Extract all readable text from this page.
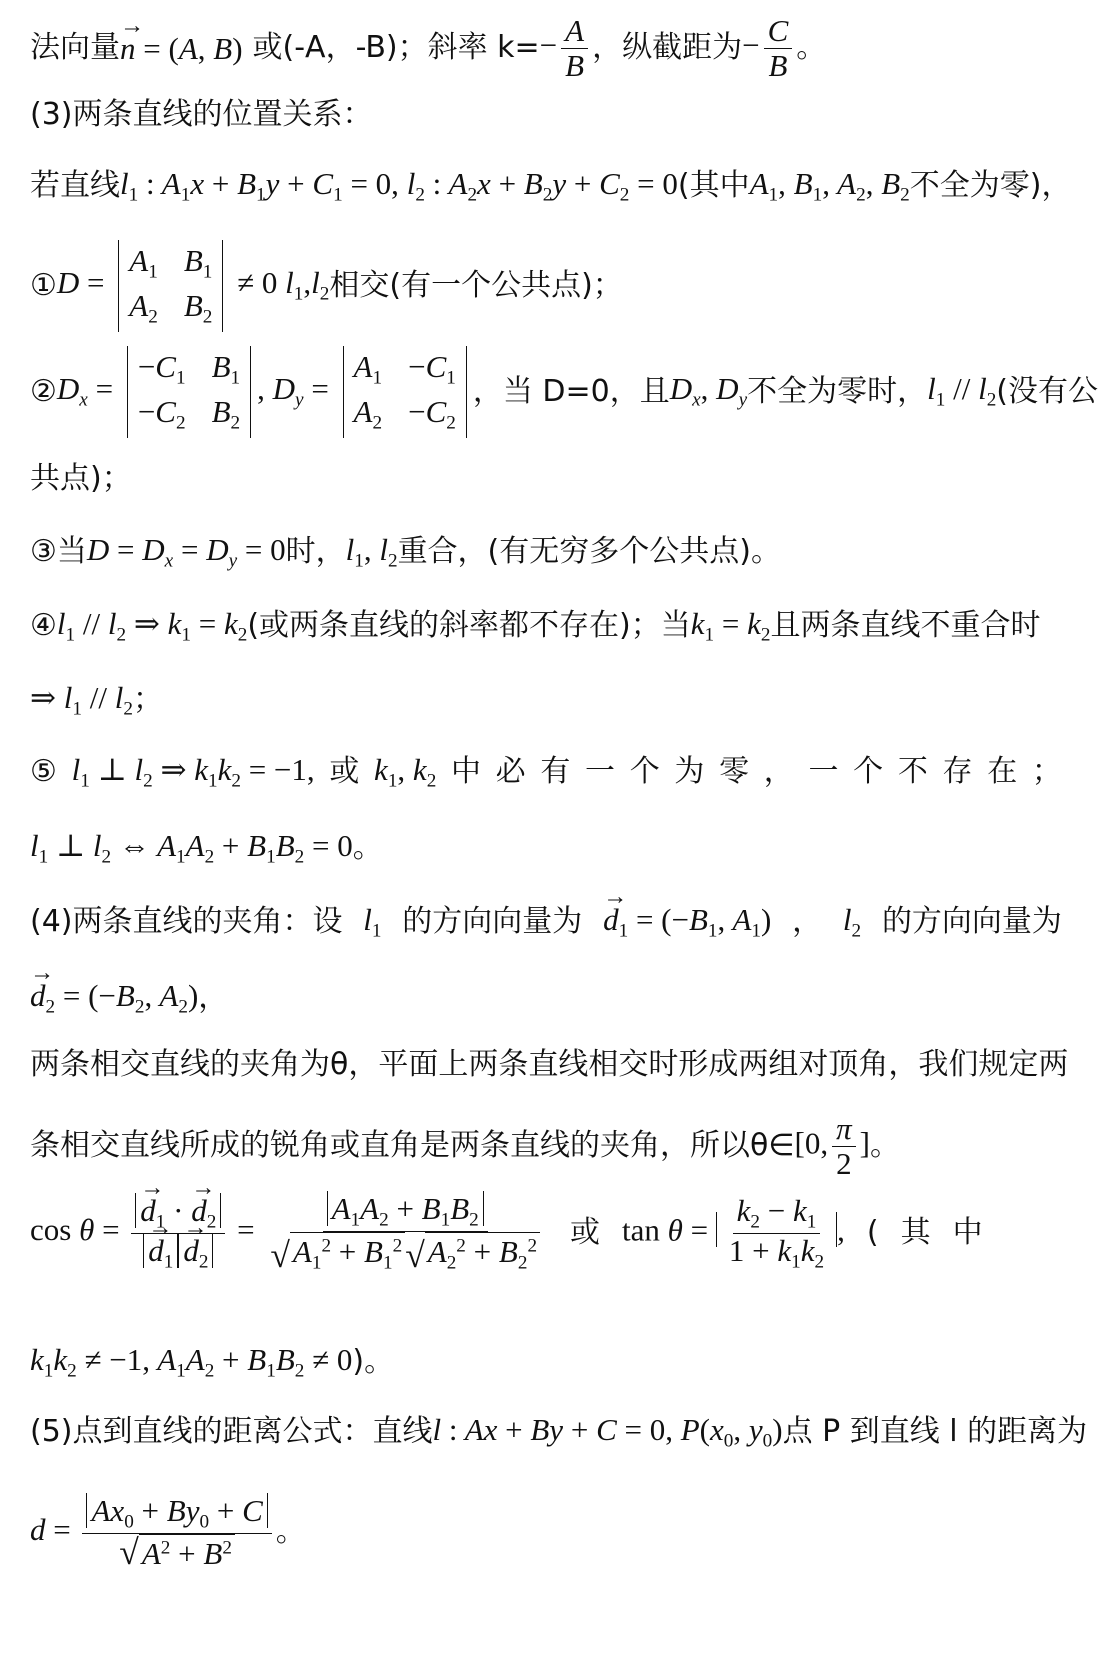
法向量 → n = (A, B) 或(-A，-B)；斜率 $k= - \frac{A}{B}$ ，纵截距为 − $\frac{C}{B}$ 。
(3)两条直线的位置关系：
若直线 $l_1$ : $A_1x + B_1y + C_1 = 0$, $l_2$ : $A_2x + B_2y + C_2 = 0$ (其中 $A_1$, $B_1$, $A_2$, $B_2$ 不全为零)，
① D =
$A_1$ $B_1$
$A_2$ $B_2$
≠ 0 $l_1,l_2$ 相交(有一个公共点)；
② $D_x$ =
$-C_1$ $B_1$
$-C_2$ $B_2$
, $D_y$ =
$A_1 -C_1$
$A_2 -C_2$
，当 D=0，且 $D_x$, $D_y$ 不全为零时， $l_1 // l_2$ (没有公
共点)；
③ 当 $D = D_x = D_y = 0$ 时， $l_1$, $l_2$ 重合，(有无穷多个公共点)。
④ $l_1 // l_2$ ⇒ $k_1 = k_2$ (或两条直线的斜率都不存在)；当 $k_1 = k_2$ 且两条直线不重合时
⇒ $l_1 // l_2$ ；
⑤ $l_1$ ⊥ $l_2$ ⇒ $k_1k_2 = -1$, 或 $k_1$, $k_2$ 中 必 有 一 个 为 零 ， 一 个 不 存 在 ；
$l_1$ ⊥ $l_2$ ⇔ $A_1A_2 + B_1B_2 = 0$ 。
(4)两条直线的夹角：设 $l_1$ 的方向向量为 → $d_1 = (-B_1$, $A_1$) ， $l_2$ 的方向向量为
→ $d_2 = (-B_2$, $A_2$) ，
两条相交直线的夹角为θ，平面上两条直线相交时形成两组对顶角，我们规定两
条相交直线所成的锐角或直角是两条直线的夹角，所以θ∈ [0, $\frac{\pi}{2}$ ] 。
cos θ = → $d_1$ · → $d_2$
→ $d_1 \to d_2 = \frac{A_1A_2 + B_1B_2}{√ A_1^2 + B_1^2 √ A_2^2 + B_2^2}$ 或 $\tan \theta = \frac{k_2 - k_1}{1 + k_1k_2}$ , ( 其 中
$k_1k_2 \ne -1$, $A_1A_2 + B_1B_2 \ne 0$ )。
(5)点到直线的距离公式：直线 l : Ax + By + C = 0, $P(x_0$, $y_0$) 点 P 到直线 l 的距离为
$d = \frac{Ax_0 + By_0 + C}{√ A^2 + B^2}$ 。
